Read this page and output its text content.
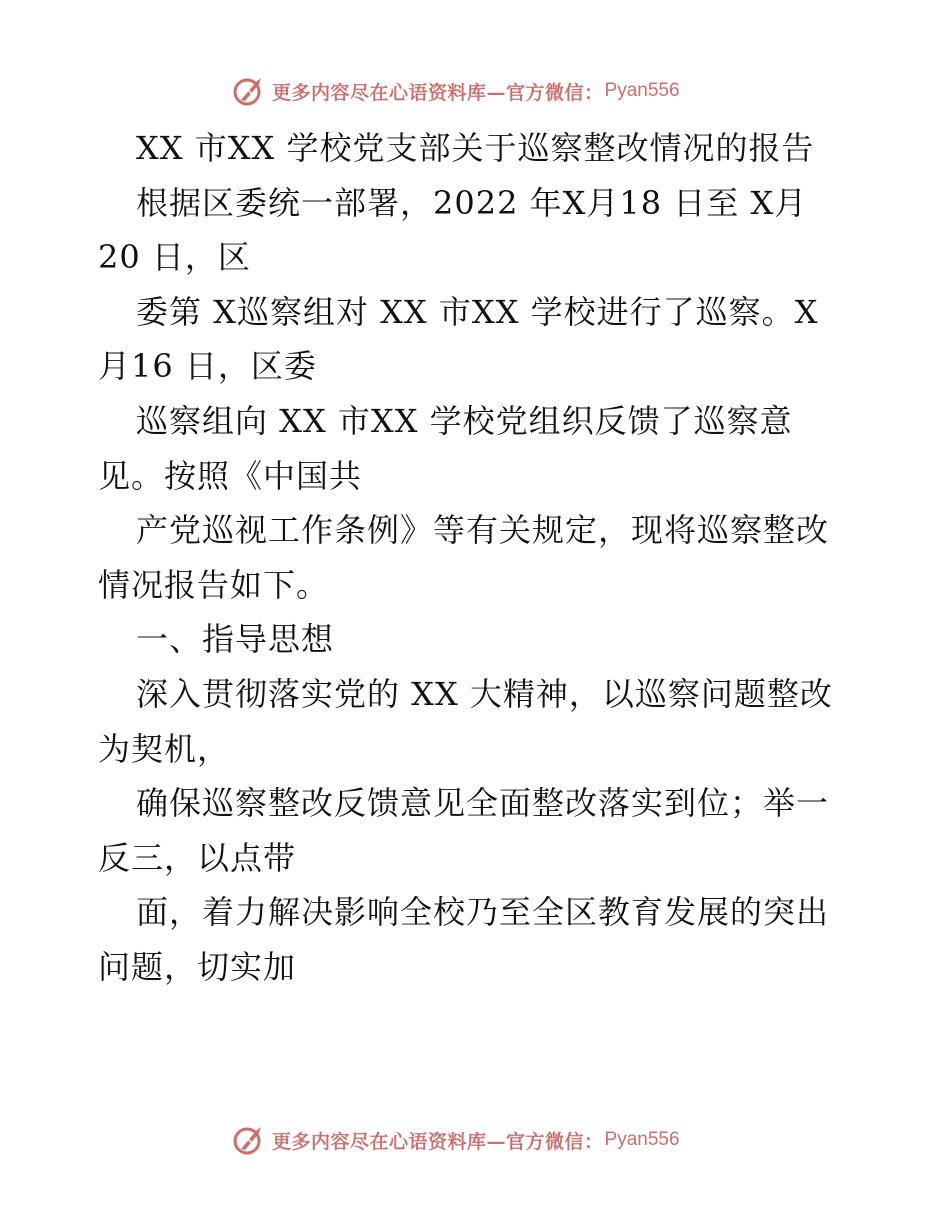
更多内容尽在心语资料库—官方微信： Pyan556
XX 市XX 学校党支部关于巡察整改情况的报告
根据区委统一部署，2022 年X月18 日至 X月
20 日，区
委第 X巡察组对 XX 市XX 学校进行了巡察。X
月16 日，区委
巡察组向 XX 市XX 学校党组织反馈了巡察意
见。按照《中国共
产党巡视工作条例》等有关规定，现将巡察整改
情况报告如下。
一、指导思想
深入贯彻落实党的 XX 大精神，以巡察问题整改
为契机，
确保巡察整改反馈意见全面整改落实到位；举一
反三，以点带
面，着力解决影响全校乃至全区教育发展的突出
问题，切实加
更多内容尽在心语资料库—官方微信： Pyan556
